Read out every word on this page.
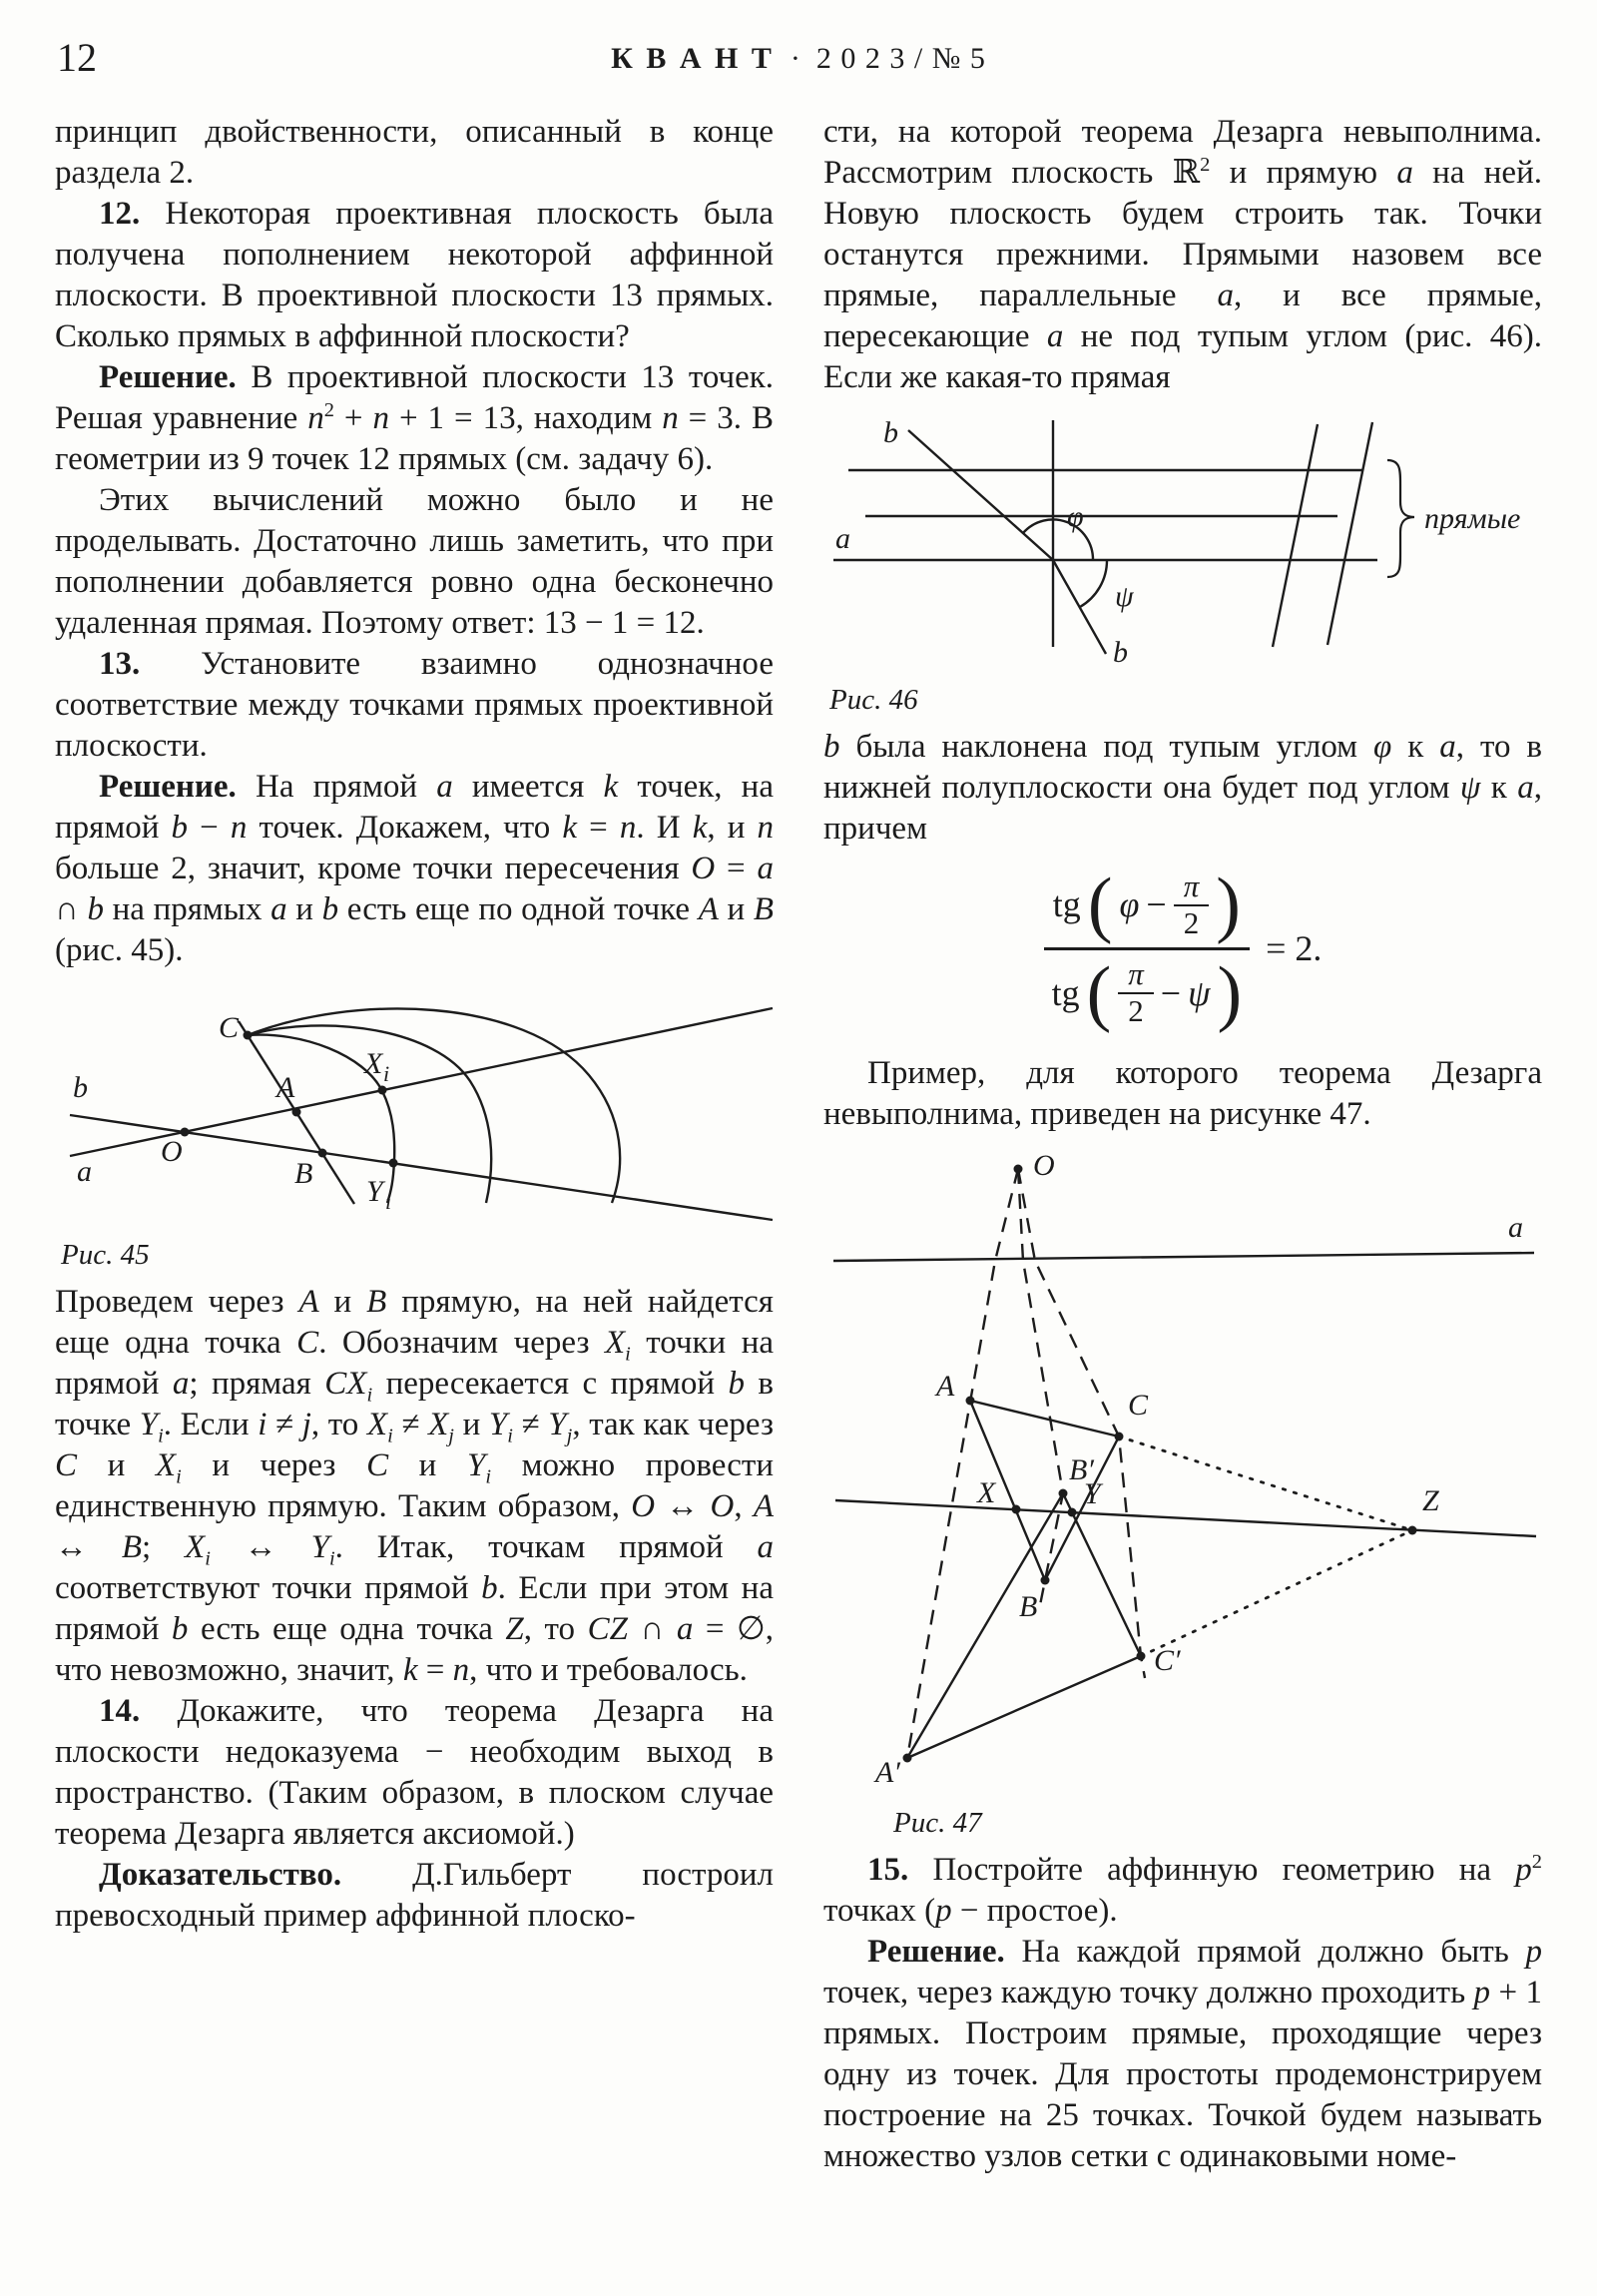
12	К В А Н Т · 2 0 2 3 / № 5

принцип двойственности, описанный в конце раздела 2.

12. Некоторая проективная плоскость была получена пополнением некоторой аффинной плоскости. В проективной плоскости 13 прямых. Сколько прямых в аффинной плоскости?

Решение. В проективной плоскости 13 точек. Решая уравнение $n^2 + n + 1 = 13$, находим n = 3. В геометрии из 9 точек 12 прямых (см. задачу 6).

Этих вычислений можно было и не проделывать. Достаточно лишь заметить, что при пополнении добавляется ровно одна бесконечно удаленная прямая. Поэтому ответ: 13 − 1 = 12.

13. Установите взаимно однозначное соответствие между точками прямых проективной плоскости.

Решение. На прямой a имеется k точек, на прямой b − n точек. Докажем, что k = n. И k, и n больше 2, значит, кроме точки пересечения O = a ∩ b на прямых a и b есть еще по одной точке A и B (рис. 45).

b
a
O
C
A
B
X i
Y i
Рис. 45

Проведем через A и B прямую, на ней найдется еще одна точка C. Обозначим через $X_i$ точки на прямой a; прямая $CX_i$ пересекается с прямой b в точке $Y_i$. Если i ≠ j, то $X_i \ne X_j$ и $Y_i \ne Y_j$, так как через C и $X_i$ и через C и $Y_i$ можно провести единственную прямую. Таким образом, O ↔ O, A ↔ B; $X_i$ ↔ $Y_i$. Итак, точкам прямой a соответствуют точки прямой b. Если при этом на прямой b есть еще одна точка Z, то CZ ∩ a = ∅, что невозможно, значит, k = n, что и требовалось.

14. Докажите, что теорема Дезарга на плоскости недоказуема − необходим выход в пространство. (Таким образом, в плоском случае теорема Дезарга является аксиомой.)

Доказательство. Д.Гильберт построил превосходный пример аффинной плоско-

сти, на которой теорема Дезарга невыполнима. Рассмотрим плоскость ℝ$^2$ и прямую a на ней. Новую плоскость будем строить так. Точки останутся прежними. Прямыми назовем все прямые, параллельные a, и все прямые, пересекающие a не под тупым углом (рис. 46). Если же какая-то прямая

b
a
b
φ
ψ
прямые
Рис. 46

b была наклонена под тупым углом φ к a, то в нижней полуплоскости она будет под углом ψ к a, причем

tg ( $\varphi - \frac{\pi}{2}$ )
tg ( π
2 − ψ )
= 2.

Пример, для которого теорема Дезарга невыполнима, приведен на рисунке 47.

O
a
A
C
X
B′
Y
B
Z
C′
A′
Рис. 47

15. Постройте аффинную геометрию на $p^2$ точках (p − простое).

Решение. На каждой прямой должно быть p точек, через каждую точку должно проходить p + 1 прямых. Построим прямые, проходящие через одну из точек. Для простоты продемонстрируем построение на 25 точках. Точкой будем называть множество узлов сетки с одинаковыми номе-
